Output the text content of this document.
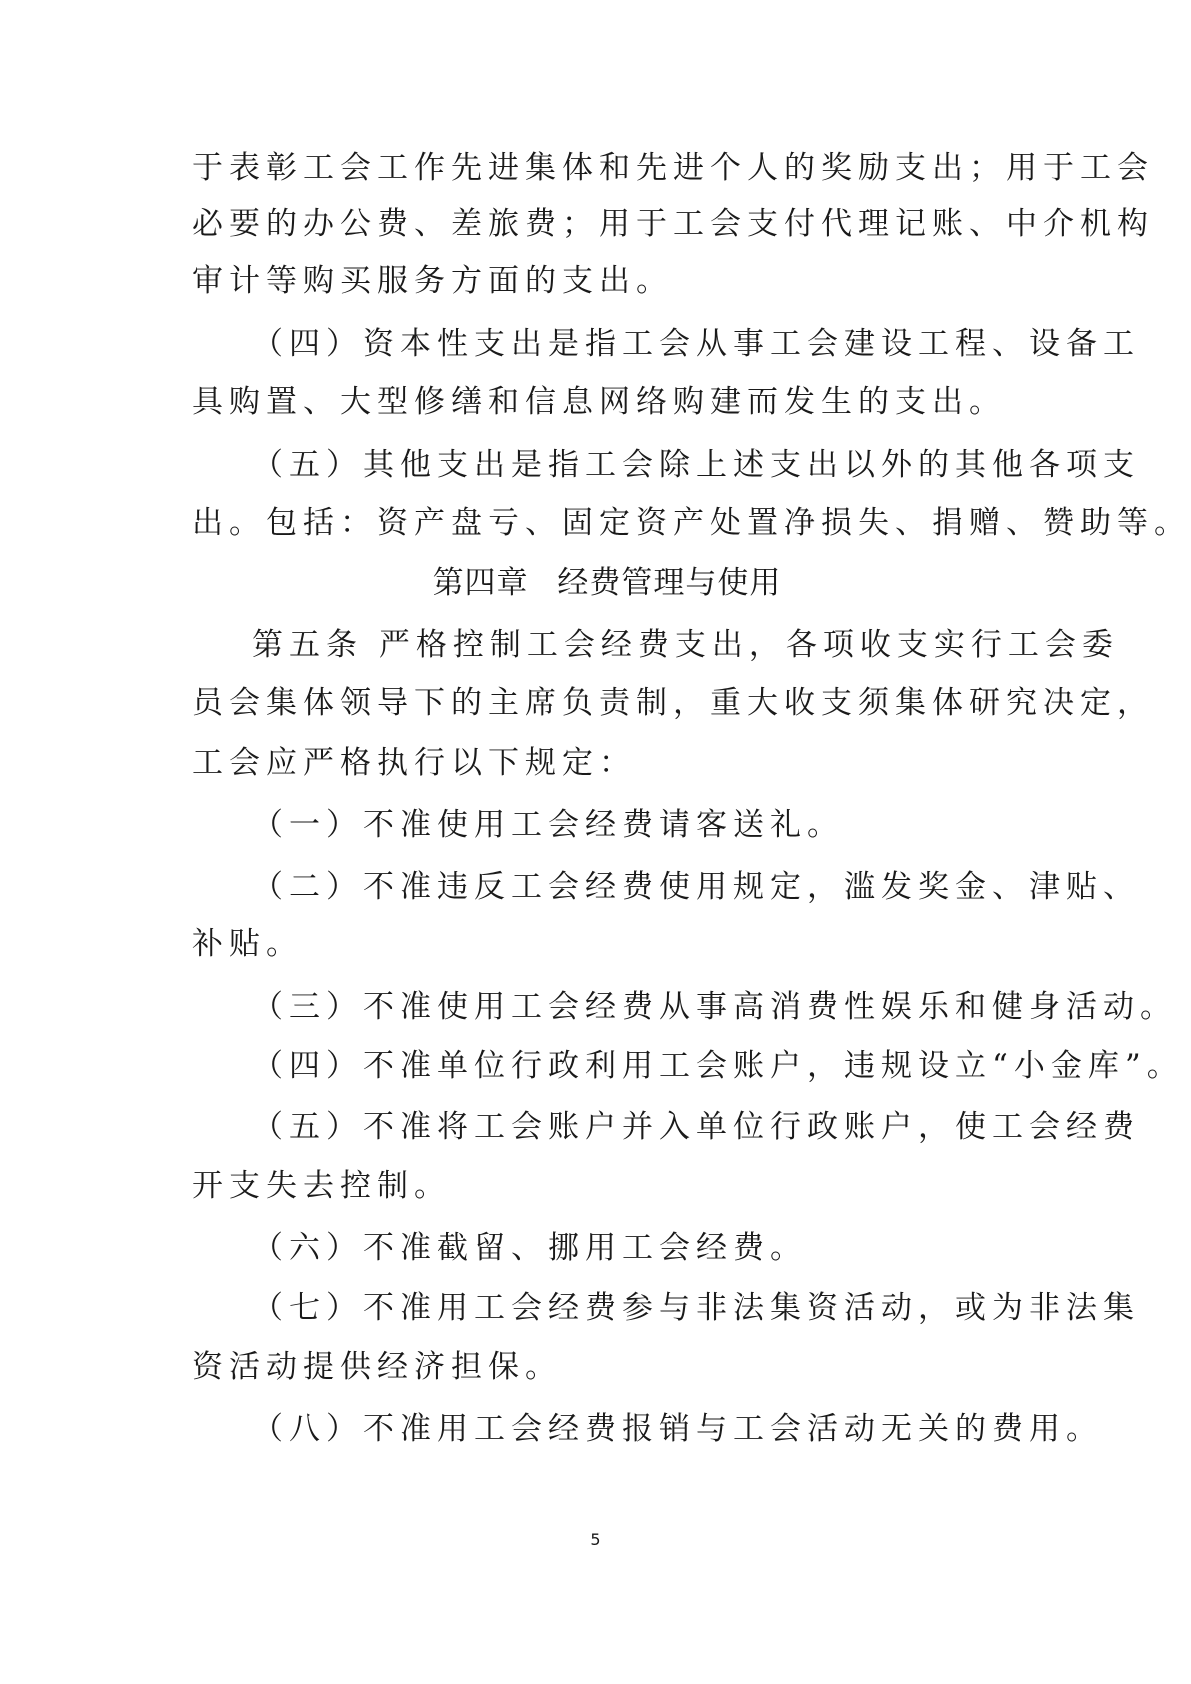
于表彰工会工作先进集体和先进个人的奖励支出；用于工会
必要的办公费、差旅费；用于工会支付代理记账、中介机构
审计等购买服务方面的支出。
（四）资本性支出是指工会从事工会建设工程、设备工
具购置、大型修缮和信息网络购建而发生的支出。
（五）其他支出是指工会除上述支出以外的其他各项支
出。包括：资产盘亏、固定资产处置净损失、捐赠、赞助等。
第四章 经费管理与使用
第五条 严格控制工会经费支出，各项收支实行工会委
员会集体领导下的主席负责制，重大收支须集体研究决定，
工会应严格执行以下规定：
（一）不准使用工会经费请客送礼。
（二）不准违反工会经费使用规定，滥发奖金、津贴、
补贴。
（三）不准使用工会经费从事高消费性娱乐和健身活动。
（四）不准单位行政利用工会账户，违规设立“小金库”。
（五）不准将工会账户并入单位行政账户，使工会经费
开支失去控制。
（六）不准截留、挪用工会经费。
（七）不准用工会经费参与非法集资活动，或为非法集
资活动提供经济担保。
（八）不准用工会经费报销与工会活动无关的费用。
5
